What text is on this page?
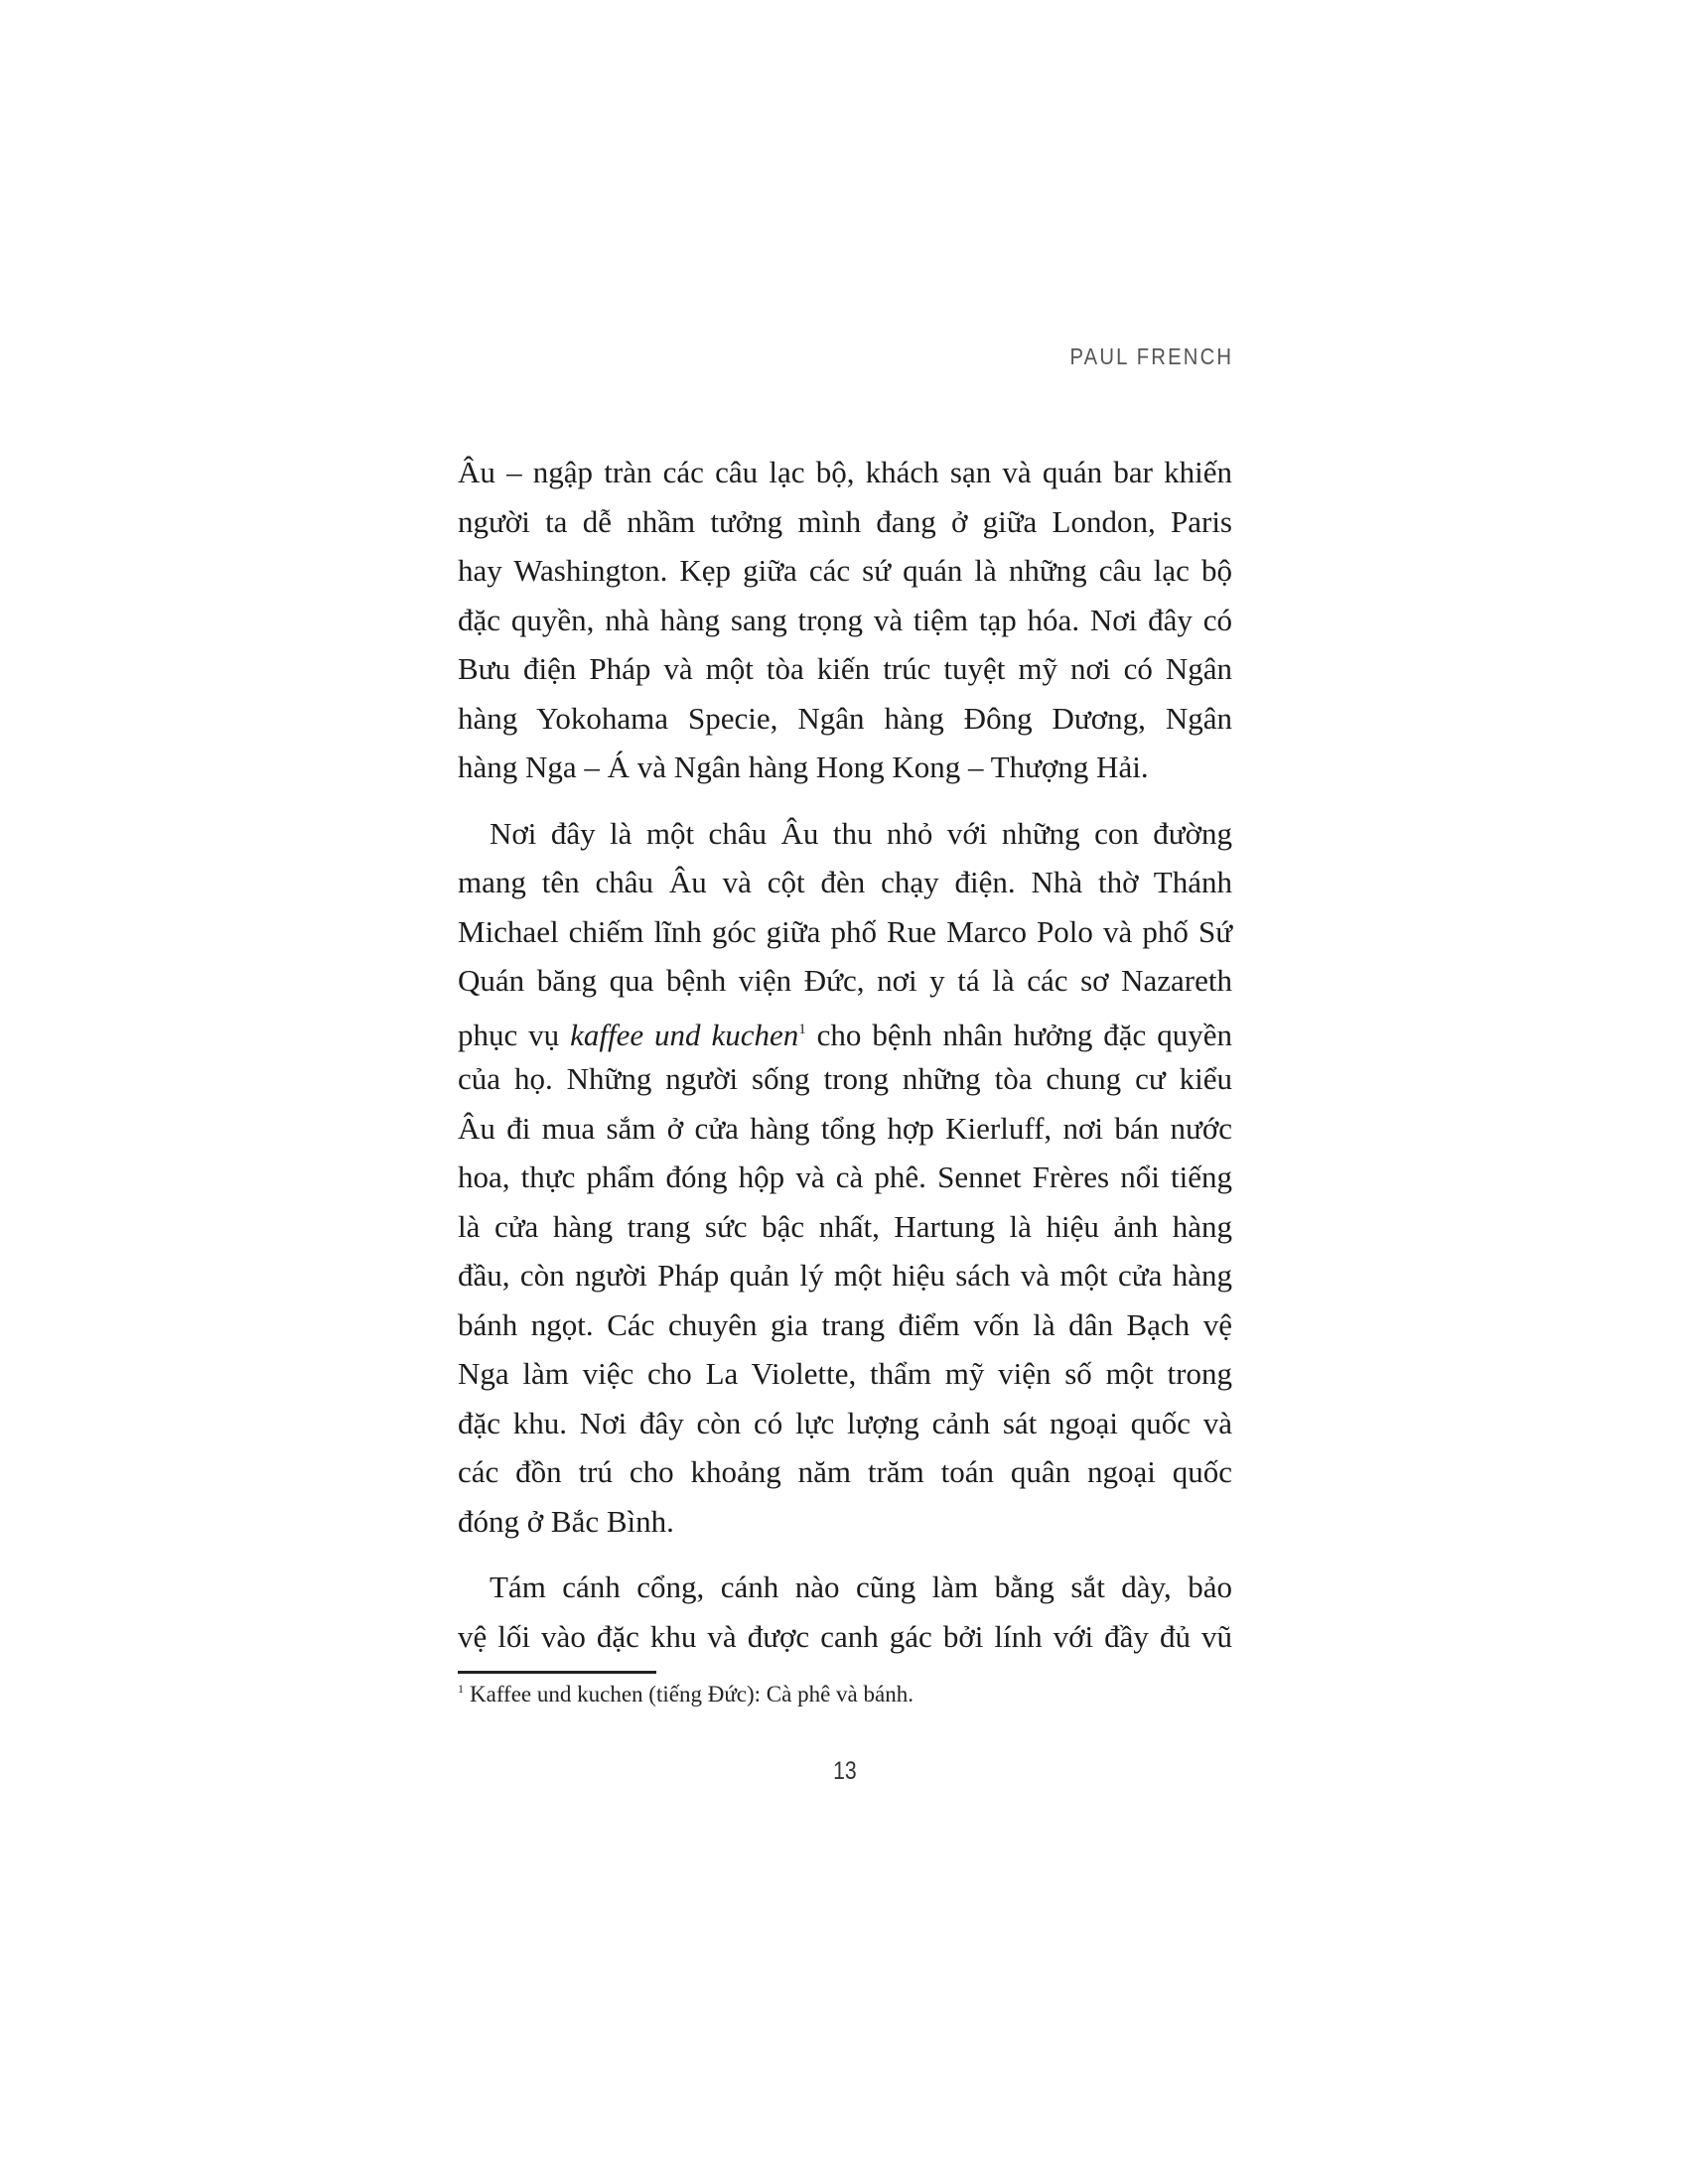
PAUL FRENCH
Âu – ngập tràn các câu lạc bộ, khách sạn và quán bar khiến
người ta dễ nhầm tưởng mình đang ở giữa London, Paris
hay Washington. Kẹp giữa các sứ quán là những câu lạc bộ
đặc quyền, nhà hàng sang trọng và tiệm tạp hóa. Nơi đây có
Bưu điện Pháp và một tòa kiến trúc tuyệt mỹ nơi có Ngân
hàng Yokohama Specie, Ngân hàng Đông Dương, Ngân
hàng Nga – Á và Ngân hàng Hong Kong – Thượng Hải.
Nơi đây là một châu Âu thu nhỏ với những con đường
mang tên châu Âu và cột đèn chạy điện. Nhà thờ Thánh
Michael chiếm lĩnh góc giữa phố Rue Marco Polo và phố Sứ
Quán băng qua bệnh viện Đức, nơi y tá là các sơ Nazareth
phục vụ kaffee und kuchen$^1$ cho bệnh nhân hưởng đặc quyền
của họ. Những người sống trong những tòa chung cư kiểu
Âu đi mua sắm ở cửa hàng tổng hợp Kierluff, nơi bán nước
hoa, thực phẩm đóng hộp và cà phê. Sennet Frères nổi tiếng
là cửa hàng trang sức bậc nhất, Hartung là hiệu ảnh hàng
đầu, còn người Pháp quản lý một hiệu sách và một cửa hàng
bánh ngọt. Các chuyên gia trang điểm vốn là dân Bạch vệ
Nga làm việc cho La Violette, thẩm mỹ viện số một trong
đặc khu. Nơi đây còn có lực lượng cảnh sát ngoại quốc và
các đồn trú cho khoảng năm trăm toán quân ngoại quốc
đóng ở Bắc Bình.
Tám cánh cổng, cánh nào cũng làm bằng sắt dày, bảo
vệ lối vào đặc khu và được canh gác bởi lính với đầy đủ vũ
$^1$ Kaffee und kuchen (tiếng Đức): Cà phê và bánh.
13
